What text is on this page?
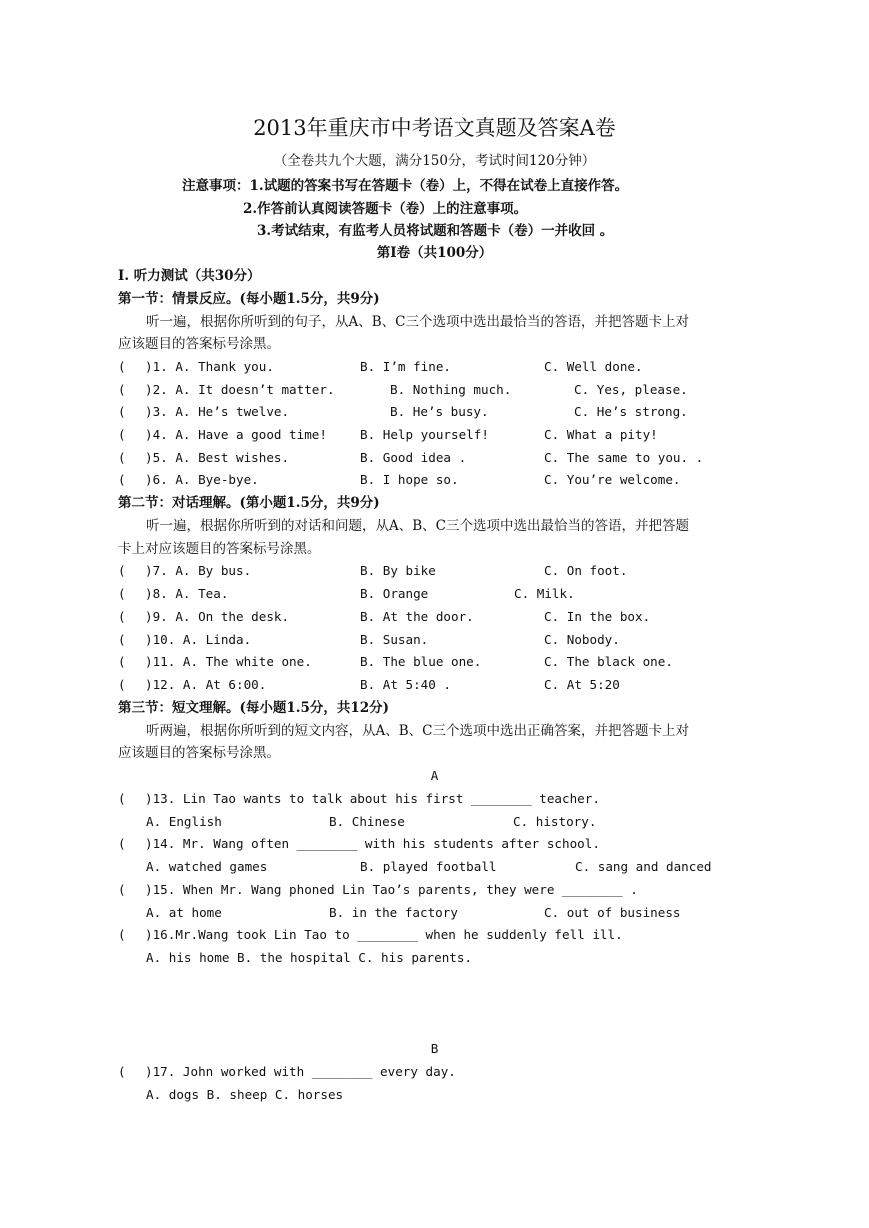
2013年重庆市中考语文真题及答案A卷
（全卷共九个大题，满分150分，考试时间120分钟）
注意事项：1.试题的答案书写在答题卡（卷）上，不得在试卷上直接作答。
2.作答前认真阅读答题卡（卷）上的注意事项。
3.考试结束，有监考人员将试题和答题卡（卷）一并收回 。
第Ⅰ卷（共100分）
I. 听力测试（共30分）
第一节：情景反应。(每小题1.5分，共9分)
听一遍，根据你所听到的句子，从A、B、C三个选项中选出最恰当的答语，并把答题卡上对
应该题目的答案标号涂黑。
( )1. A. Thank you.	B. I’m fine.	C. Well done.
( )2. A. It doesn’t matter.	B. Nothing much.	C. Yes, please.
( )3. A. He’s twelve.	B. He’s busy.	C. He’s strong.
( )4. A. Have a good time!	B. Help yourself!	C. What a pity!
( )5. A. Best wishes.	B. Good idea .	C. The same to you. .
( )6. A. Bye-bye.	B. I hope so.	C. You’re welcome.
第二节：对话理解。(第小题1.5分，共9分)
听一遍，根据你所听到的对话和问题，从A、B、C三个选项中选出最恰当的答语，并把答题
卡上对应该题目的答案标号涂黑。
( )7. A. By bus.	B. By bike	C. On foot.
( )8. A. Tea.	B. Orange	C. Milk.
( )9. A. On the desk.	B. At the door.	C. In the box.
( )10. A. Linda.	B. Susan.	C. Nobody.
( )11. A. The white one.	B. The blue one.	C. The black one.
( )12. A. At 6:00.	B. At 5:40 .	C. At 5:20
第三节：短文理解。(每小题1.5分，共12分)
听两遍，根据你所听到的短文内容，从A、B、C三个选项中选出正确答案，并把答题卡上对
应该题目的答案标号涂黑。
A
( )13. Lin Tao wants to talk about his first ________ teacher.
A. English	B. Chinese	C. history.
( )14. Mr. Wang often ________ with his students after school.
A. watched games	B. played football	C. sang and danced
( )15. When Mr. Wang phoned Lin Tao’s parents, they were ________ .
A. at home	B. in the factory	C. out of business
( )16.Mr.Wang took Lin Tao to ________ when he suddenly fell ill.
A. his home B. the hospital C. his parents.
B
( )17. John worked with ________ every day.
A. dogs B. sheep C. horses
